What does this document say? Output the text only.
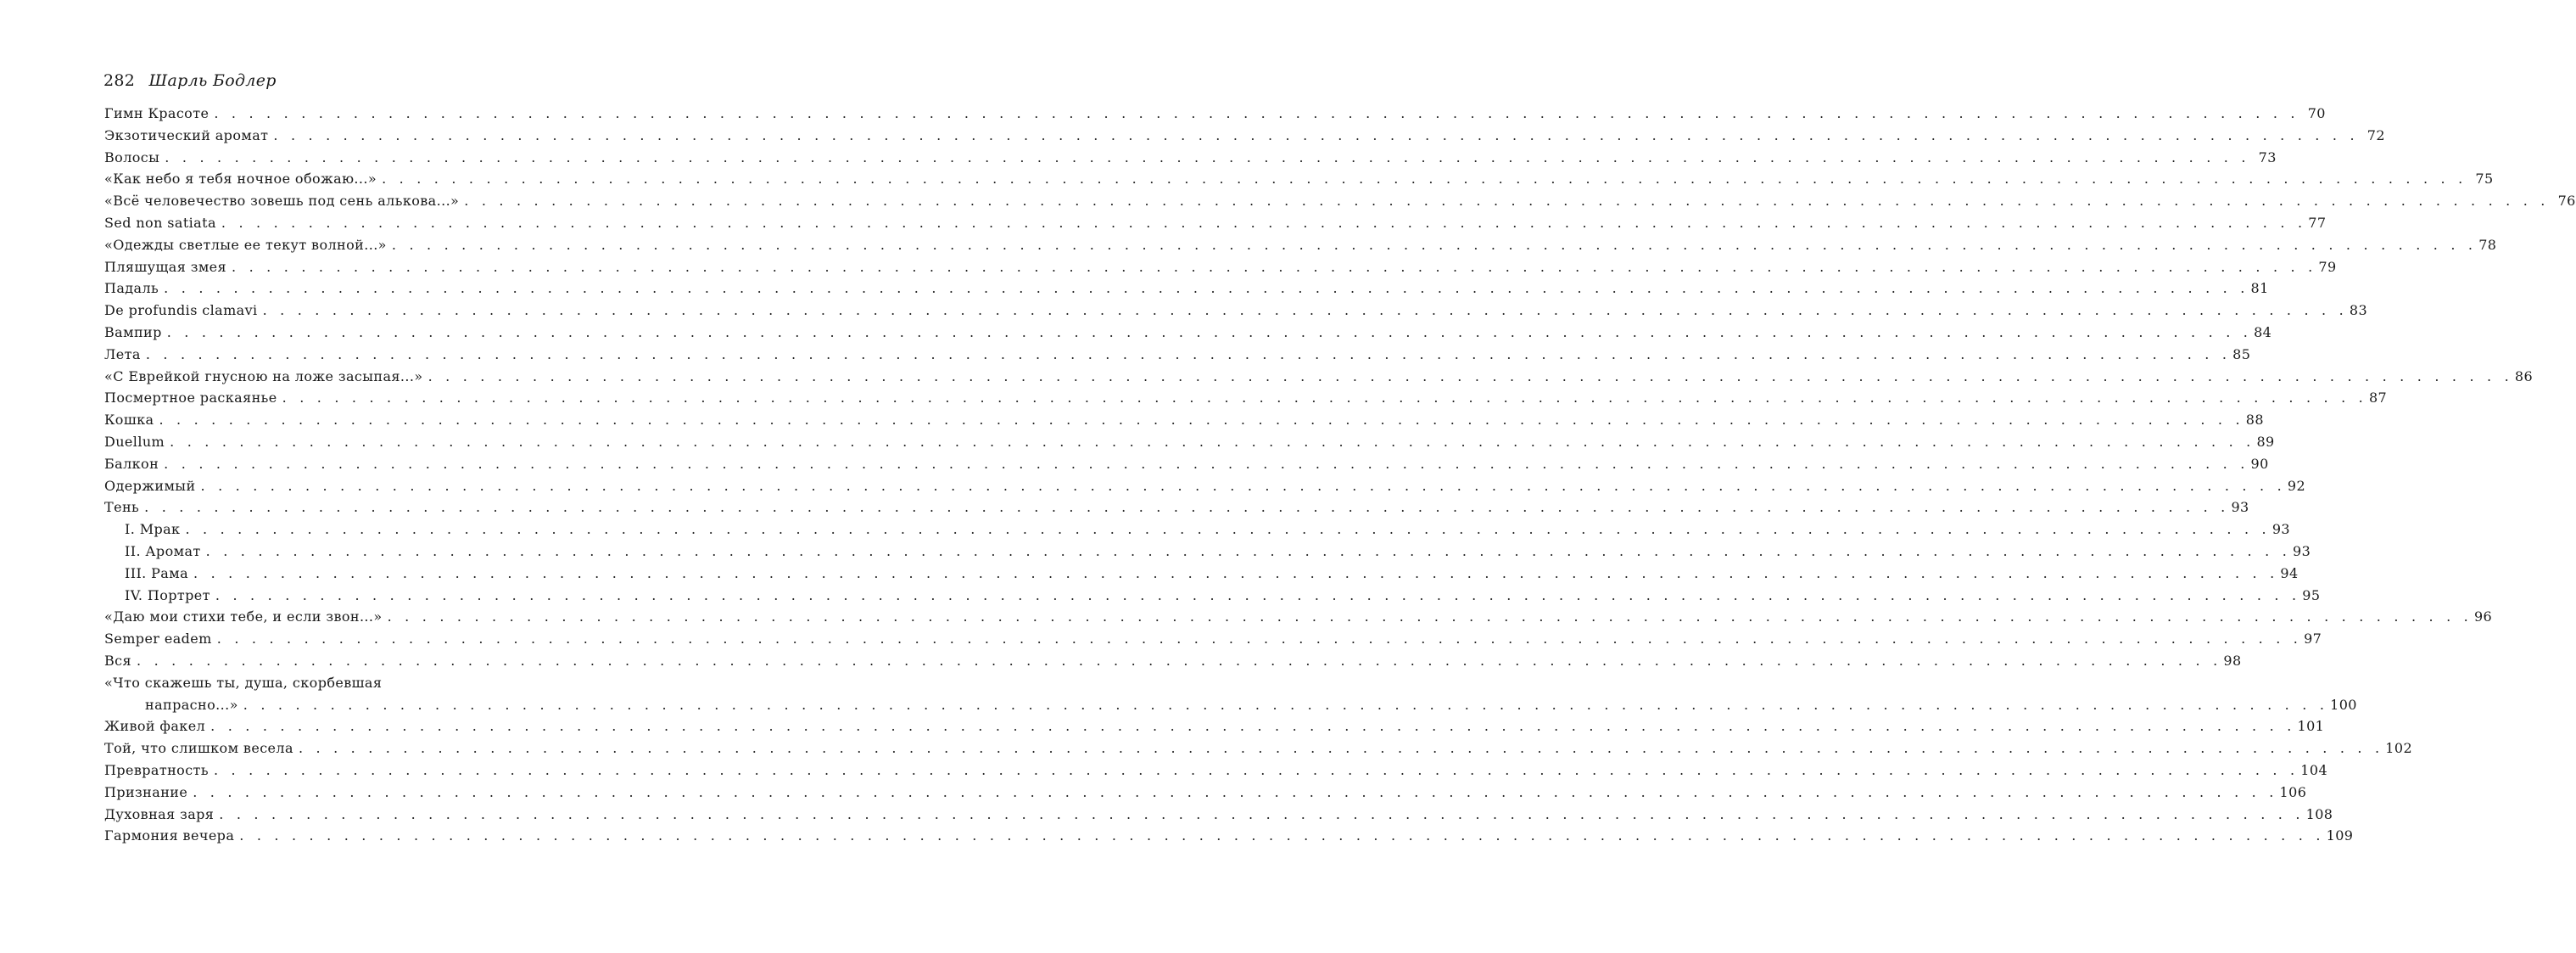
282 Шарль Бодлер
Гимн Красоте . . . . . . . . . . . . . . . . . . . . . . . . . . . . . . . . . . . . . . . . . . . . . . . . . . . . . . . . . . . . . . . . . . . . . . . . . . . . . . . . . . . . . . . . . . . . . . . . . . . . . . . . . . . . . . . . . . . . . . . . 70
Экзотический аромат . . . . . . . . . . . . . . . . . . . . . . . . . . . . . . . . . . . . . . . . . . . . . . . . . . . . . . . . . . . . . . . . . . . . . . . . . . . . . . . . . . . . . . . . . . . . . . . . . . . . . . . . . . . . . . . . . . . . . . . . 72
Волосы . . . . . . . . . . . . . . . . . . . . . . . . . . . . . . . . . . . . . . . . . . . . . . . . . . . . . . . . . . . . . . . . . . . . . . . . . . . . . . . . . . . . . . . . . . . . . . . . . . . . . . . . . . . . . . . . . . . . . . . . 73
«Как небо я тебя ночное обожаю...» . . . . . . . . . . . . . . . . . . . . . . . . . . . . . . . . . . . . . . . . . . . . . . . . . . . . . . . . . . . . . . . . . . . . . . . . . . . . . . . . . . . . . . . . . . . . . . . . . . . . . . . . . . . . . . . . . . . . . . . . 75
«Всё человечество зовешь под сень алькова...» . . . . . . . . . . . . . . . . . . . . . . . . . . . . . . . . . . . . . . . . . . . . . . . . . . . . . . . . . . . . . . . . . . . . . . . . . . . . . . . . . . . . . . . . . . . . . . . . . . . . . . . . . . . . . . . . . . . . . . . . 76
Sed non satiata . . . . . . . . . . . . . . . . . . . . . . . . . . . . . . . . . . . . . . . . . . . . . . . . . . . . . . . . . . . . . . . . . . . . . . . . . . . . . . . . . . . . . . . . . . . . . . . . . . . . . . . . . . . . . . . . . . . . . . . . 77
«Одежды светлые ее текут волной...» . . . . . . . . . . . . . . . . . . . . . . . . . . . . . . . . . . . . . . . . . . . . . . . . . . . . . . . . . . . . . . . . . . . . . . . . . . . . . . . . . . . . . . . . . . . . . . . . . . . . . . . . . . . . . . . . . . . . . . . . 78
Пляшущая змея . . . . . . . . . . . . . . . . . . . . . . . . . . . . . . . . . . . . . . . . . . . . . . . . . . . . . . . . . . . . . . . . . . . . . . . . . . . . . . . . . . . . . . . . . . . . . . . . . . . . . . . . . . . . . . . . . . . . . . . . 79
Падаль . . . . . . . . . . . . . . . . . . . . . . . . . . . . . . . . . . . . . . . . . . . . . . . . . . . . . . . . . . . . . . . . . . . . . . . . . . . . . . . . . . . . . . . . . . . . . . . . . . . . . . . . . . . . . . . . . . . . . . . . 81
De profundis clamavi . . . . . . . . . . . . . . . . . . . . . . . . . . . . . . . . . . . . . . . . . . . . . . . . . . . . . . . . . . . . . . . . . . . . . . . . . . . . . . . . . . . . . . . . . . . . . . . . . . . . . . . . . . . . . . . . . . . . . . . . 83
Вампир . . . . . . . . . . . . . . . . . . . . . . . . . . . . . . . . . . . . . . . . . . . . . . . . . . . . . . . . . . . . . . . . . . . . . . . . . . . . . . . . . . . . . . . . . . . . . . . . . . . . . . . . . . . . . . . . . . . . . . . . 84
Лета . . . . . . . . . . . . . . . . . . . . . . . . . . . . . . . . . . . . . . . . . . . . . . . . . . . . . . . . . . . . . . . . . . . . . . . . . . . . . . . . . . . . . . . . . . . . . . . . . . . . . . . . . . . . . . . . . . . . . . . . 85
«С Еврейкой гнусною на ложе засыпая...» . . . . . . . . . . . . . . . . . . . . . . . . . . . . . . . . . . . . . . . . . . . . . . . . . . . . . . . . . . . . . . . . . . . . . . . . . . . . . . . . . . . . . . . . . . . . . . . . . . . . . . . . . . . . . . . . . . . . . . . . 86
Посмертное раскаянье . . . . . . . . . . . . . . . . . . . . . . . . . . . . . . . . . . . . . . . . . . . . . . . . . . . . . . . . . . . . . . . . . . . . . . . . . . . . . . . . . . . . . . . . . . . . . . . . . . . . . . . . . . . . . . . . . . . . . . . . 87
Кошка . . . . . . . . . . . . . . . . . . . . . . . . . . . . . . . . . . . . . . . . . . . . . . . . . . . . . . . . . . . . . . . . . . . . . . . . . . . . . . . . . . . . . . . . . . . . . . . . . . . . . . . . . . . . . . . . . . . . . . . . 88
Duellum . . . . . . . . . . . . . . . . . . . . . . . . . . . . . . . . . . . . . . . . . . . . . . . . . . . . . . . . . . . . . . . . . . . . . . . . . . . . . . . . . . . . . . . . . . . . . . . . . . . . . . . . . . . . . . . . . . . . . . . . 89
Балкон . . . . . . . . . . . . . . . . . . . . . . . . . . . . . . . . . . . . . . . . . . . . . . . . . . . . . . . . . . . . . . . . . . . . . . . . . . . . . . . . . . . . . . . . . . . . . . . . . . . . . . . . . . . . . . . . . . . . . . . . 90
Одержимый . . . . . . . . . . . . . . . . . . . . . . . . . . . . . . . . . . . . . . . . . . . . . . . . . . . . . . . . . . . . . . . . . . . . . . . . . . . . . . . . . . . . . . . . . . . . . . . . . . . . . . . . . . . . . . . . . . . . . . . . 92
Тень . . . . . . . . . . . . . . . . . . . . . . . . . . . . . . . . . . . . . . . . . . . . . . . . . . . . . . . . . . . . . . . . . . . . . . . . . . . . . . . . . . . . . . . . . . . . . . . . . . . . . . . . . . . . . . . . . . . . . . . . 93
I. Мрак . . . . . . . . . . . . . . . . . . . . . . . . . . . . . . . . . . . . . . . . . . . . . . . . . . . . . . . . . . . . . . . . . . . . . . . . . . . . . . . . . . . . . . . . . . . . . . . . . . . . . . . . . . . . . . . . . . . . . . . . 93
II. Аромат . . . . . . . . . . . . . . . . . . . . . . . . . . . . . . . . . . . . . . . . . . . . . . . . . . . . . . . . . . . . . . . . . . . . . . . . . . . . . . . . . . . . . . . . . . . . . . . . . . . . . . . . . . . . . . . . . . . . . . . . 93
III. Рама . . . . . . . . . . . . . . . . . . . . . . . . . . . . . . . . . . . . . . . . . . . . . . . . . . . . . . . . . . . . . . . . . . . . . . . . . . . . . . . . . . . . . . . . . . . . . . . . . . . . . . . . . . . . . . . . . . . . . . . . 94
IV. Портрет . . . . . . . . . . . . . . . . . . . . . . . . . . . . . . . . . . . . . . . . . . . . . . . . . . . . . . . . . . . . . . . . . . . . . . . . . . . . . . . . . . . . . . . . . . . . . . . . . . . . . . . . . . . . . . . . . . . . . . . . 95
«Даю мои стихи тебе, и если звон...» . . . . . . . . . . . . . . . . . . . . . . . . . . . . . . . . . . . . . . . . . . . . . . . . . . . . . . . . . . . . . . . . . . . . . . . . . . . . . . . . . . . . . . . . . . . . . . . . . . . . . . . . . . . . . . . . . . . . . . . . 96
Semper eadem . . . . . . . . . . . . . . . . . . . . . . . . . . . . . . . . . . . . . . . . . . . . . . . . . . . . . . . . . . . . . . . . . . . . . . . . . . . . . . . . . . . . . . . . . . . . . . . . . . . . . . . . . . . . . . . . . . . . . . . . 97
Вся . . . . . . . . . . . . . . . . . . . . . . . . . . . . . . . . . . . . . . . . . . . . . . . . . . . . . . . . . . . . . . . . . . . . . . . . . . . . . . . . . . . . . . . . . . . . . . . . . . . . . . . . . . . . . . . . . . . . . . . . 98
«Что скажешь ты, душа, скорбевшая
напрасно...» . . . . . . . . . . . . . . . . . . . . . . . . . . . . . . . . . . . . . . . . . . . . . . . . . . . . . . . . . . . . . . . . . . . . . . . . . . . . . . . . . . . . . . . . . . . . . . . . . . . . . . . . . . . . . . . . . . . . . . . . 100
Живой факел . . . . . . . . . . . . . . . . . . . . . . . . . . . . . . . . . . . . . . . . . . . . . . . . . . . . . . . . . . . . . . . . . . . . . . . . . . . . . . . . . . . . . . . . . . . . . . . . . . . . . . . . . . . . . . . . . . . . . . . . 101
Той, что слишком весела . . . . . . . . . . . . . . . . . . . . . . . . . . . . . . . . . . . . . . . . . . . . . . . . . . . . . . . . . . . . . . . . . . . . . . . . . . . . . . . . . . . . . . . . . . . . . . . . . . . . . . . . . . . . . . . . . . . . . . . . 102
Превратность . . . . . . . . . . . . . . . . . . . . . . . . . . . . . . . . . . . . . . . . . . . . . . . . . . . . . . . . . . . . . . . . . . . . . . . . . . . . . . . . . . . . . . . . . . . . . . . . . . . . . . . . . . . . . . . . . . . . . . . . 104
Признание . . . . . . . . . . . . . . . . . . . . . . . . . . . . . . . . . . . . . . . . . . . . . . . . . . . . . . . . . . . . . . . . . . . . . . . . . . . . . . . . . . . . . . . . . . . . . . . . . . . . . . . . . . . . . . . . . . . . . . . . 106
Духовная заря . . . . . . . . . . . . . . . . . . . . . . . . . . . . . . . . . . . . . . . . . . . . . . . . . . . . . . . . . . . . . . . . . . . . . . . . . . . . . . . . . . . . . . . . . . . . . . . . . . . . . . . . . . . . . . . . . . . . . . . . 108
Гармония вечера . . . . . . . . . . . . . . . . . . . . . . . . . . . . . . . . . . . . . . . . . . . . . . . . . . . . . . . . . . . . . . . . . . . . . . . . . . . . . . . . . . . . . . . . . . . . . . . . . . . . . . . . . . . . . . . . . . . . . . . . 109
